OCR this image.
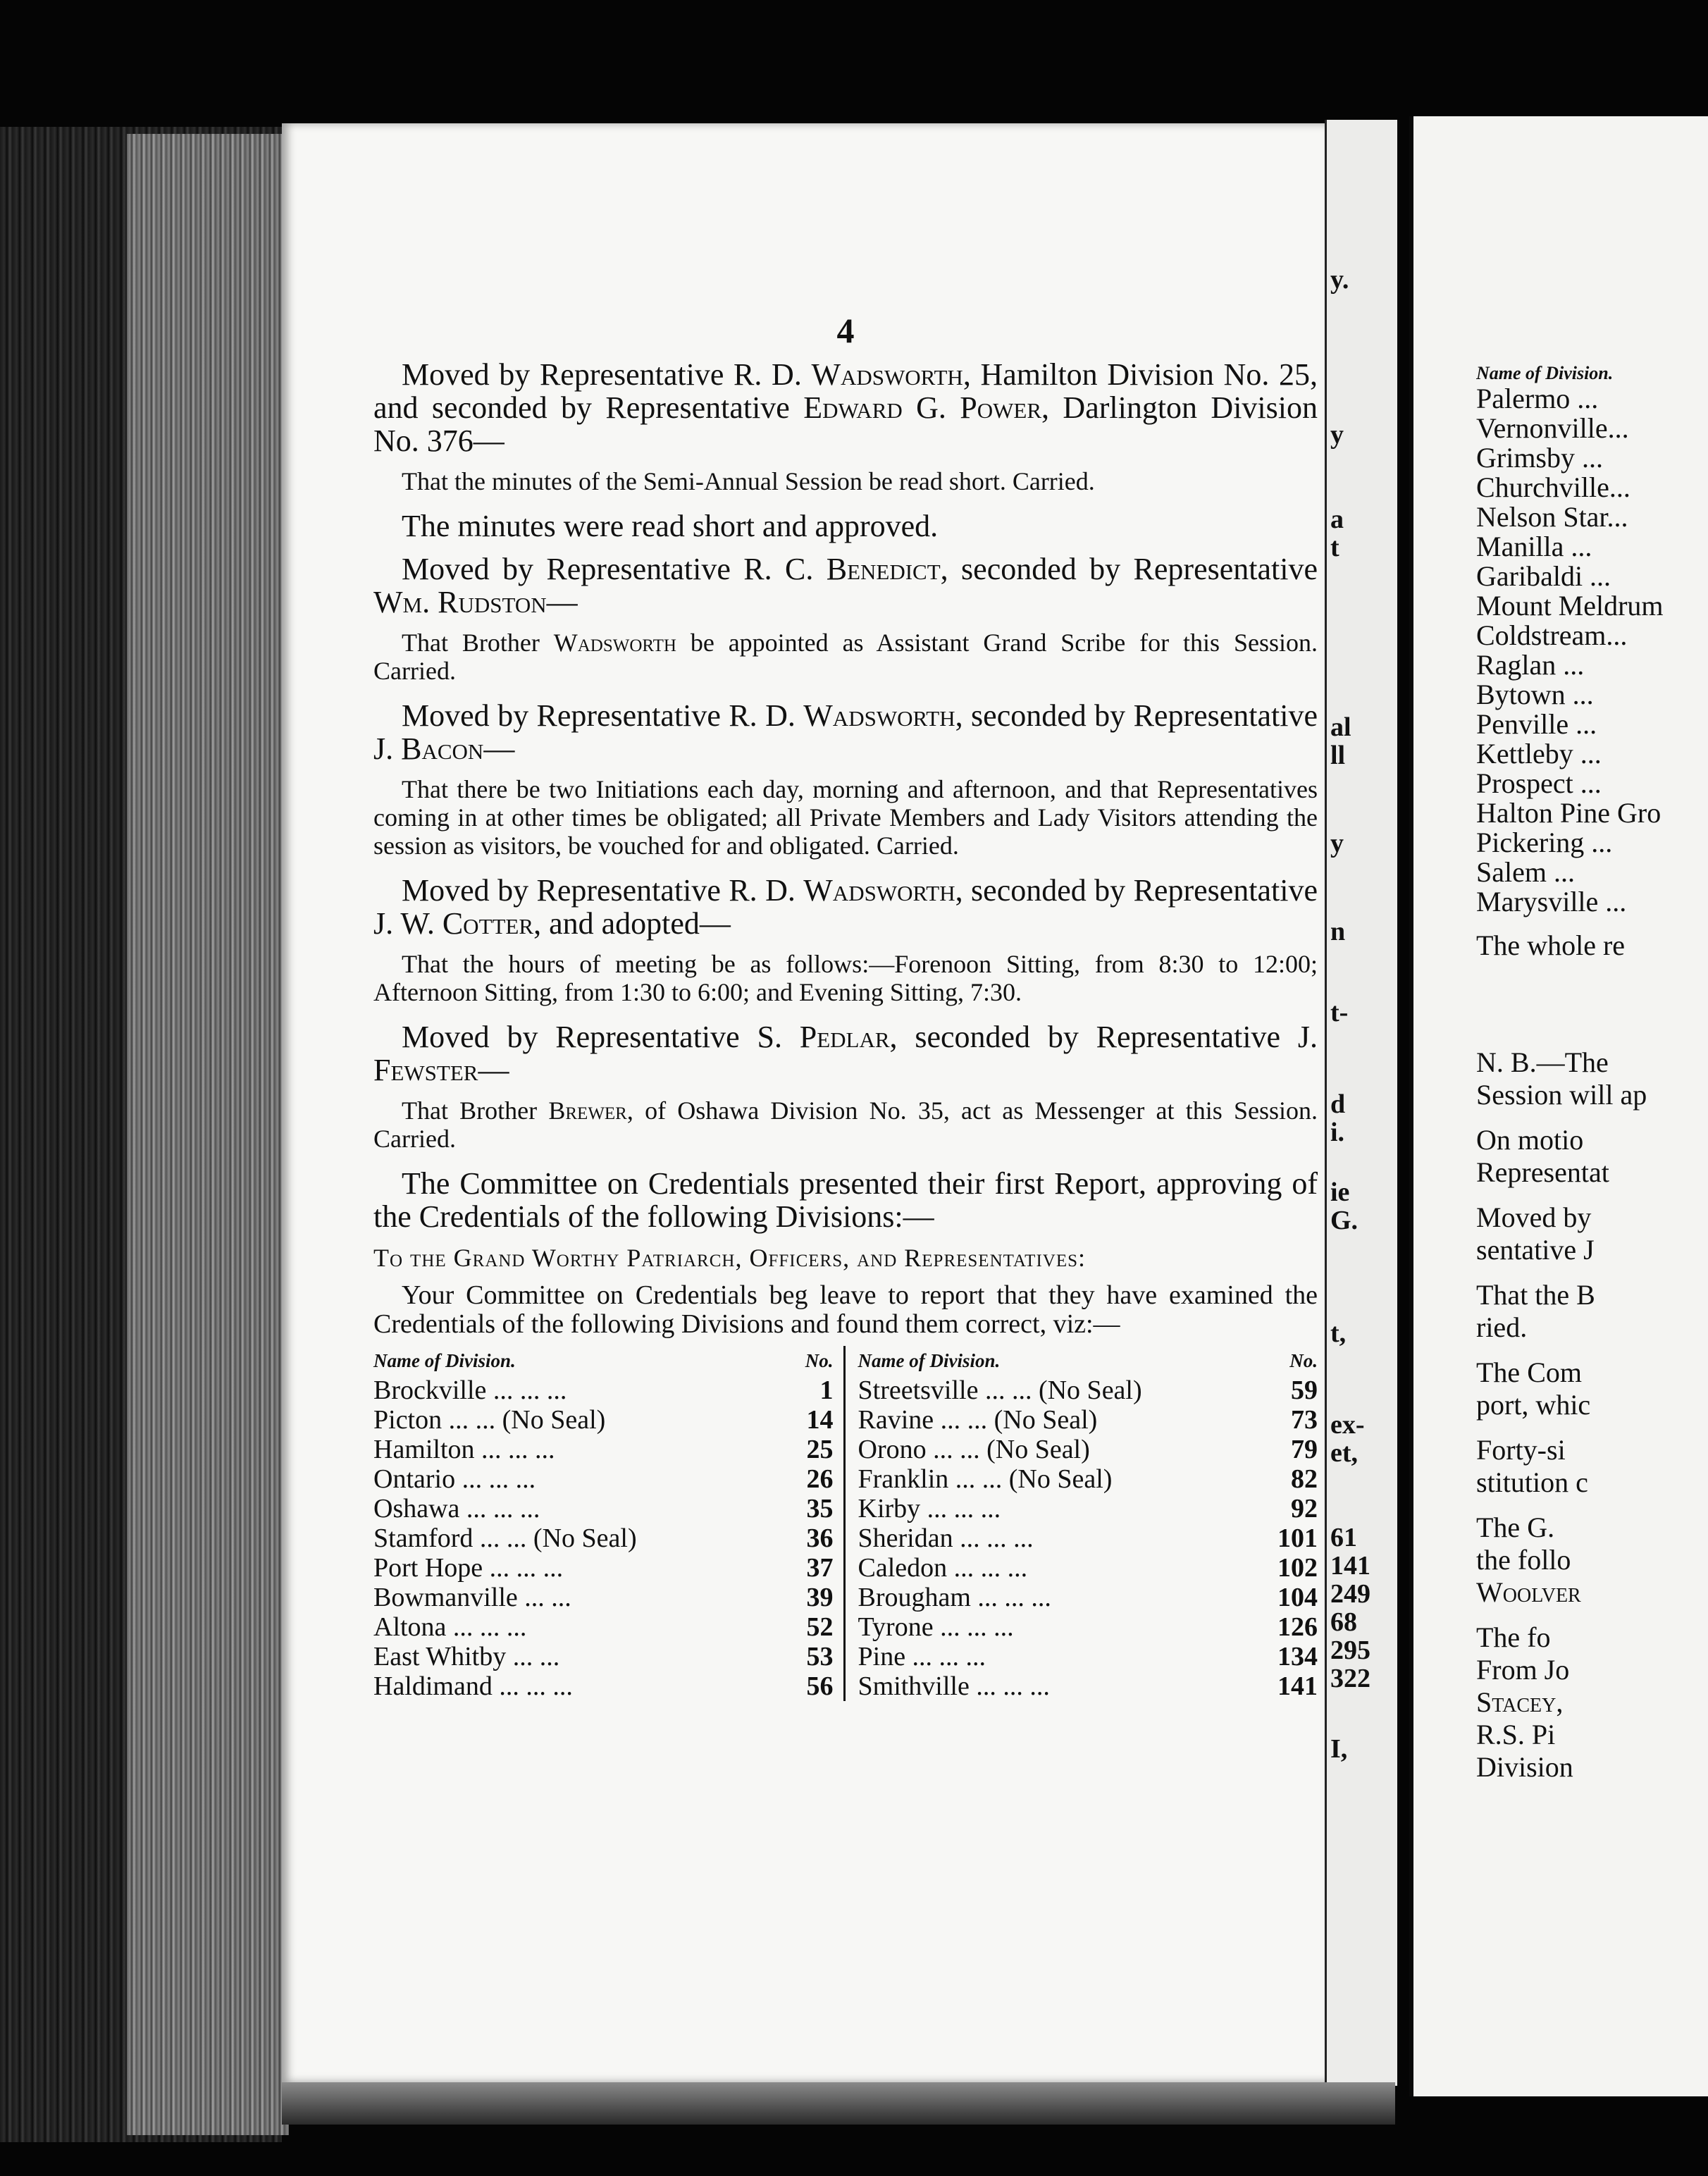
y.
y
a
t
al
ll
y
n
t-
d
i.
ie
G.
t,
ex-
et,
61
141
249
68
295
322
I,
4

Moved by Representative R. D. Wadsworth, Hamilton Division No. 25, and seconded by Representative Edward G. Power, Darlington Division No. 376—

That the minutes of the Semi-Annual Session be read short. Carried.

The minutes were read short and approved.

Moved by Representative R. C. Benedict, seconded by Representative Wm. Rudston—

That Brother Wadsworth be appointed as Assistant Grand Scribe for this Session. Carried.

Moved by Representative R. D. Wadsworth, seconded by Representative J. Bacon—

That there be two Initiations each day, morning and afternoon, and that Representatives coming in at other times be obligated; all Private Members and Lady Visitors attending the session as visitors, be vouched for and obligated. Carried.

Moved by Representative R. D. Wadsworth, seconded by Representative J. W. Cotter, and adopted—

That the hours of meeting be as follows:—Forenoon Sitting, from 8:30 to 12:00; Afternoon Sitting, from 1:30 to 6:00; and Evening Sitting, 7:30.

Moved by Representative S. Pedlar, seconded by Representative J. Fewster—

That Brother Brewer, of Oshawa Division No. 35, act as Messenger at this Session. Carried.

The Committee on Credentials presented their first Report, approving of the Credentials of the following Divisions:—

To the Grand Worthy Patriarch, Officers, and Representatives:

Your Committee on Credentials beg leave to report that they have examined the Credentials of the following Divisions and found them correct, viz:—

Name of Division.	No.
Brockville ... ... ...	1
Picton ... ... (No Seal)	14
Hamilton ... ... ...	25
Ontario ... ... ...	26
Oshawa ... ... ...	35
Stamford ... ... (No Seal)	36
Port Hope ... ... ...	37
Bowmanville ... ...	39
Altona ... ... ...	52
East Whitby ... ...	53
Haldimand ... ... ...	56
Name of Division.	No.
Streetsville ... ... (No Seal)	59
Ravine ... ... (No Seal)	73
Orono ... ... (No Seal)	79
Franklin ... ... (No Seal)	82
Kirby ... ... ...	92
Sheridan ... ... ...	101
Caledon ... ... ...	102
Brougham ... ... ...	104
Tyrone ... ... ...	126
Pine ... ... ...	134
Smithville ... ... ...	141
Name of Division.
Palermo ...
Vernonville...
Grimsby ...
Churchville...
Nelson Star...
Manilla ...
Garibaldi ...
Mount Meldrum
Coldstream...
Raglan ...
Bytown ...
Penville ...
Kettleby ...
Prospect ...
Halton Pine Gro
Pickering ...
Salem ...
Marysville ...
The whole re
N. B.—The
Session will ap
On motio
Representat
Moved by
sentative J
That the B
ried.
The Com
port, whic
Forty-si
stitution c
The G.
the follo
Woolver
The fo
From Jo
Stacey,
R.S. Pi
Division
